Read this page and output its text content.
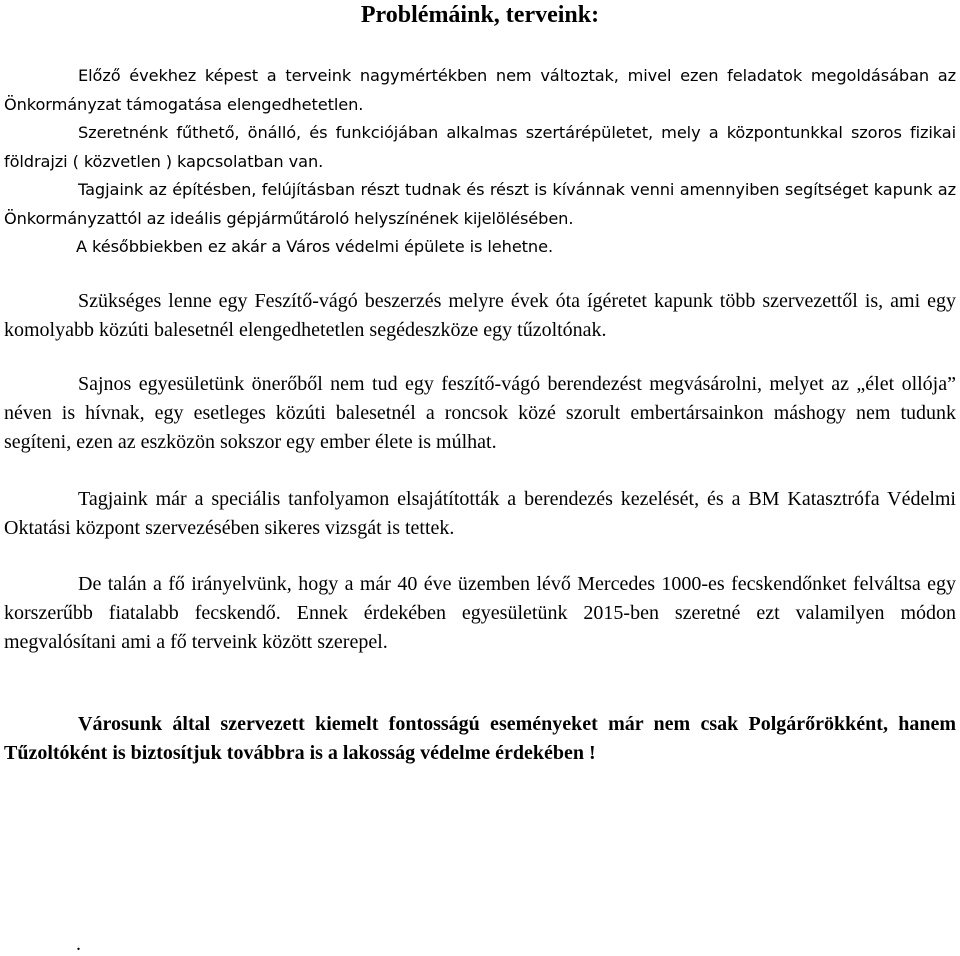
Problémáink, terveink:

Előző évekhez képest a terveink nagymértékben nem változtak, mivel ezen feladatok megoldásában az Önkormányzat támogatása elengedhetetlen.

Szeretnénk fűthető, önálló, és funkciójában alkalmas szertárépületet, mely a központunkkal szoros fizikai földrajzi ( közvetlen ) kapcsolatban van.

Tagjaink az építésben, felújításban részt tudnak és részt is kívánnak venni amennyiben segítséget kapunk az Önkormányzattól az ideális gépjárműtároló helyszínének kijelölésében.

A későbbiekben ez akár a Város védelmi épülete is lehetne.

Szükséges lenne egy Feszítő-vágó beszerzés melyre évek óta ígéretet kapunk több szervezettől is, ami egy komolyabb közúti balesetnél elengedhetetlen segédeszköze egy tűzoltónak.

Sajnos egyesületünk önerőből nem tud egy feszítő-vágó berendezést megvásárolni, melyet az „élet ollója” néven is hívnak, egy esetleges közúti balesetnél a roncsok közé szorult embertársainkon máshogy nem tudunk segíteni, ezen az eszközön sokszor egy ember élete is múlhat.

Tagjaink már a speciális tanfolyamon elsajátították a berendezés kezelését, és a BM Katasztrófa Védelmi Oktatási központ szervezésében sikeres vizsgát is tettek.

De talán a fő irányelvünk, hogy a már 40 éve üzemben lévő Mercedes 1000-es fecskendőnket felváltsa egy korszerűbb fiatalabb fecskendő. Ennek érdekében egyesületünk 2015-ben szeretné ezt valamilyen módon megvalósítani ami a fő terveink között szerepel.

Városunk által szervezett kiemelt fontosságú eseményeket már nem csak Polgárőrökként, hanem Tűzoltóként is biztosítjuk továbbra is a lakosság védelme érdekében !

.
